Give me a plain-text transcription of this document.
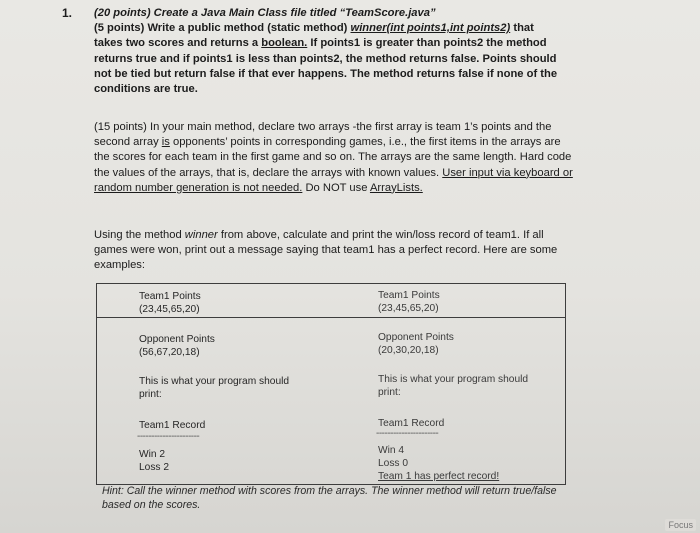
1. (20 points) Create a Java Main Class file titled “TeamScore.java”

(5 points) Write a public method (static method) winner(int points1,int points2) that

takes two scores and returns a boolean. If points1 is greater than points2 the method

returns true and if points1 is less than points2, the method returns false. Points should

not be tied but return false if that ever happens. The method returns false if none of the

conditions are true.

(15 points) In your main method, declare two arrays -the first array is team 1’s points and the second array is opponents’ points in corresponding games, i.e., the first items in the arrays are the scores for each team in the first game and so on. The arrays are the same length. Hard code the values of the arrays, that is, declare the arrays with known values. User input via keyboard or random number generation is not needed. Do NOT use ArrayLists.

Using the method winner from above, calculate and print the win/loss record of team1. If all games were won, print out a message saying that team1 has a perfect record. Here are some examples:

Team1 Points
(23,45,65,20)
Opponent Points
(56,67,20,18)
This is what your program should
print:
Team1 Record
----------------------
Win 2
Loss 2
Team1 Points
(23,45,65,20)
Opponent Points
(20,30,20,18)
This is what your program should
print:
Team1 Record
----------------------
Win 4
Loss 0
Team 1 has perfect record!
Hint: Call the winner method with scores from the arrays. The winner method will return true/false based on the scores.
Focus
